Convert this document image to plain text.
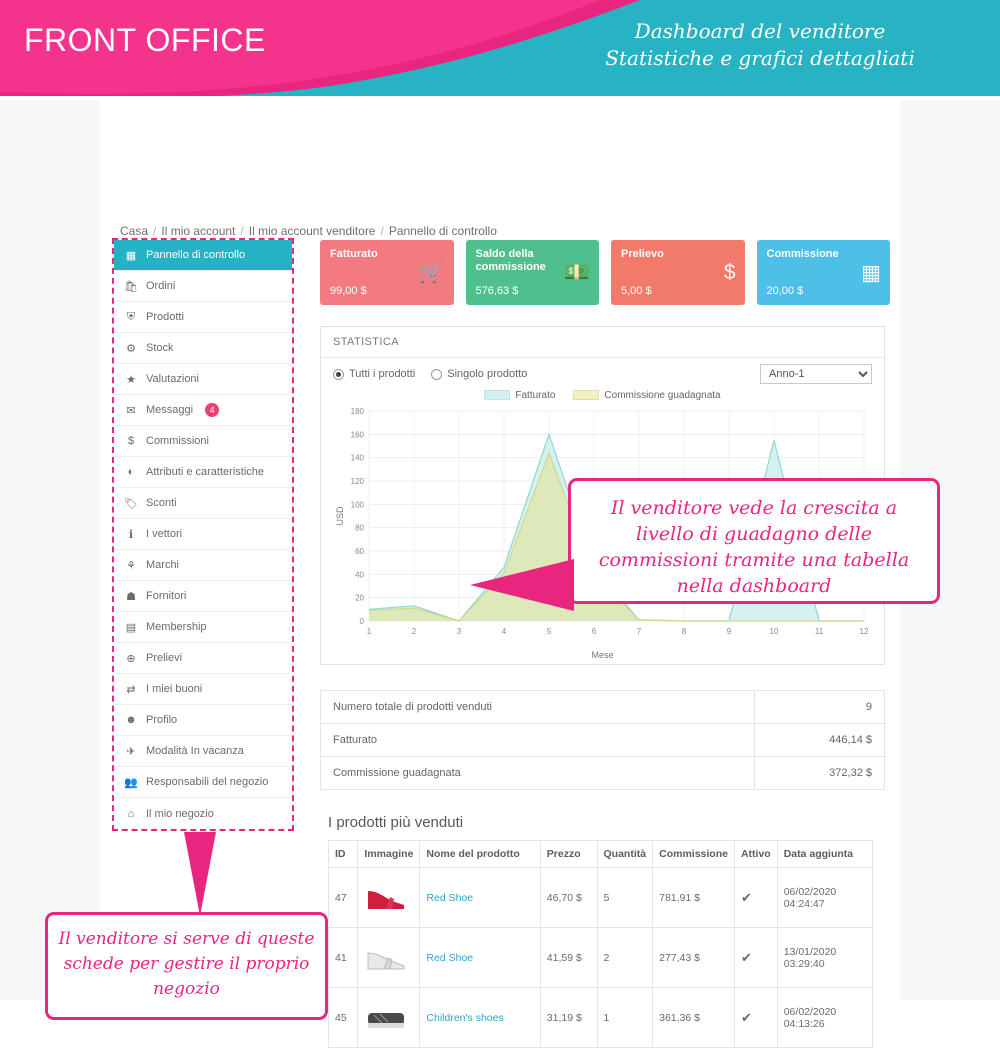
FRONT OFFICE	Dashboard del venditore
Statistiche e grafici dettagliati
Casa / Il mio account / Il mio account venditore / Pannello di controllo
▦ Pannello di controllo
🛍 Ordini
⛨ Prodotti
⚙ Stock
★ Valutazioni
✉ Messaggi	4
$	Commissioni
◐	Attributi e caratteristiche
🏷 Sconti
ℹ	I vettori
⚘ Marchi
☗ Fornitori
▤ Membership
⊕ Prelievi
⇄ I miei buoni
☻ Profilo
✈ Modalità In vacanza
👥 Responsabili del negozio
⌂	Il mio negozio
Fatturato
99,00 $
🛒
Saldo della commissione
576,63 $
💵
Prelievo
5,00 $
$
Commissione
20,00 $
▦
STATISTICA
Tutti i prodotti	Singolo prodotto
Anno-1
Fatturato	Commissione guadagnata
0
20
40
60
80
100
120
140
160
180
1	2	3	4	5	6	7	8	9	10	11	12
USD
Mese
Numero totale di prodotti venduti	9
Fatturato	446,14 $
Commissione guadagnata	372,32 $
I prodotti più venduti
ID	Immagine	Nome del prodotto	Prezzo	Quantità	Commissione	Attivo	Data aggiunta
47		Red Shoe	46,70 $	5	781,91 $	✔	06/02/2020 04:24:47
41		Red Shoe	41,59 $	2	277,43 $	✔	13/01/2020 03:29:40
45		Children's shoes	31,19 $	1	361,36 $	✔	06/02/2020 04:13:26
Il venditore vede la crescita a livello di guadagno delle commissioni tramite una tabella nella dashboard
Il venditore si serve di queste schede per gestire il proprio negozio
